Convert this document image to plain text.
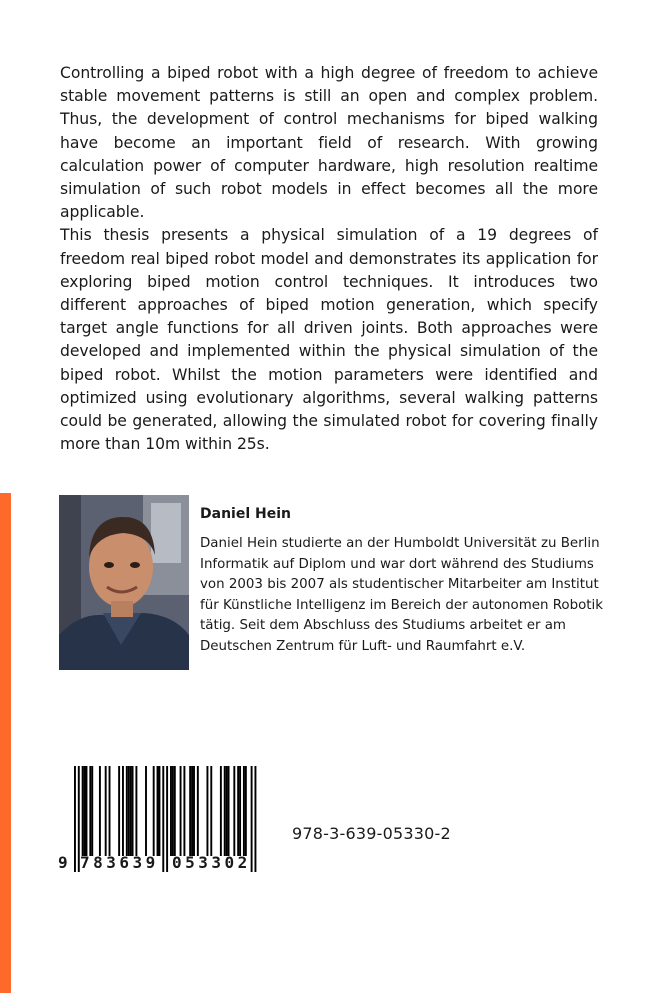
Controlling a biped robot with a high degree of freedom to achieve stable movement patterns is still an open and complex problem. Thus, the development of control mechanisms for biped walking have become an important field of research. With growing calculation power of computer hardware, high resolution realtime simulation of such robot models in effect becomes all the more applicable.

This thesis presents a physical simulation of a 19 degrees of freedom real biped robot model and demonstrates its application for exploring biped motion control techniques. It introduces two different approaches of biped motion generation, which specify target angle functions for all driven joints. Both approaches were developed and implemented within the physical simulation of the biped robot. Whilst the motion parameters were identified and optimized using evolutionary algorithms, several walking patterns could be generated, allowing the simulated robot for covering finally more than 10m within 25s.

Daniel Hein
Daniel Hein studierte an der Humboldt Universität zu Berlin Informatik auf Diplom und war dort während des Studiums von 2003 bis 2007 als studentischer Mitarbeiter am Institut für Künstliche Intelligenz im Bereich der autonomen Robotik tätig. Seit dem Abschluss des Studiums arbeitet er am Deutschen Zentrum für Luft- und Raumfahrt e.V.
9 783639 053302
978-3-639-05330-2
